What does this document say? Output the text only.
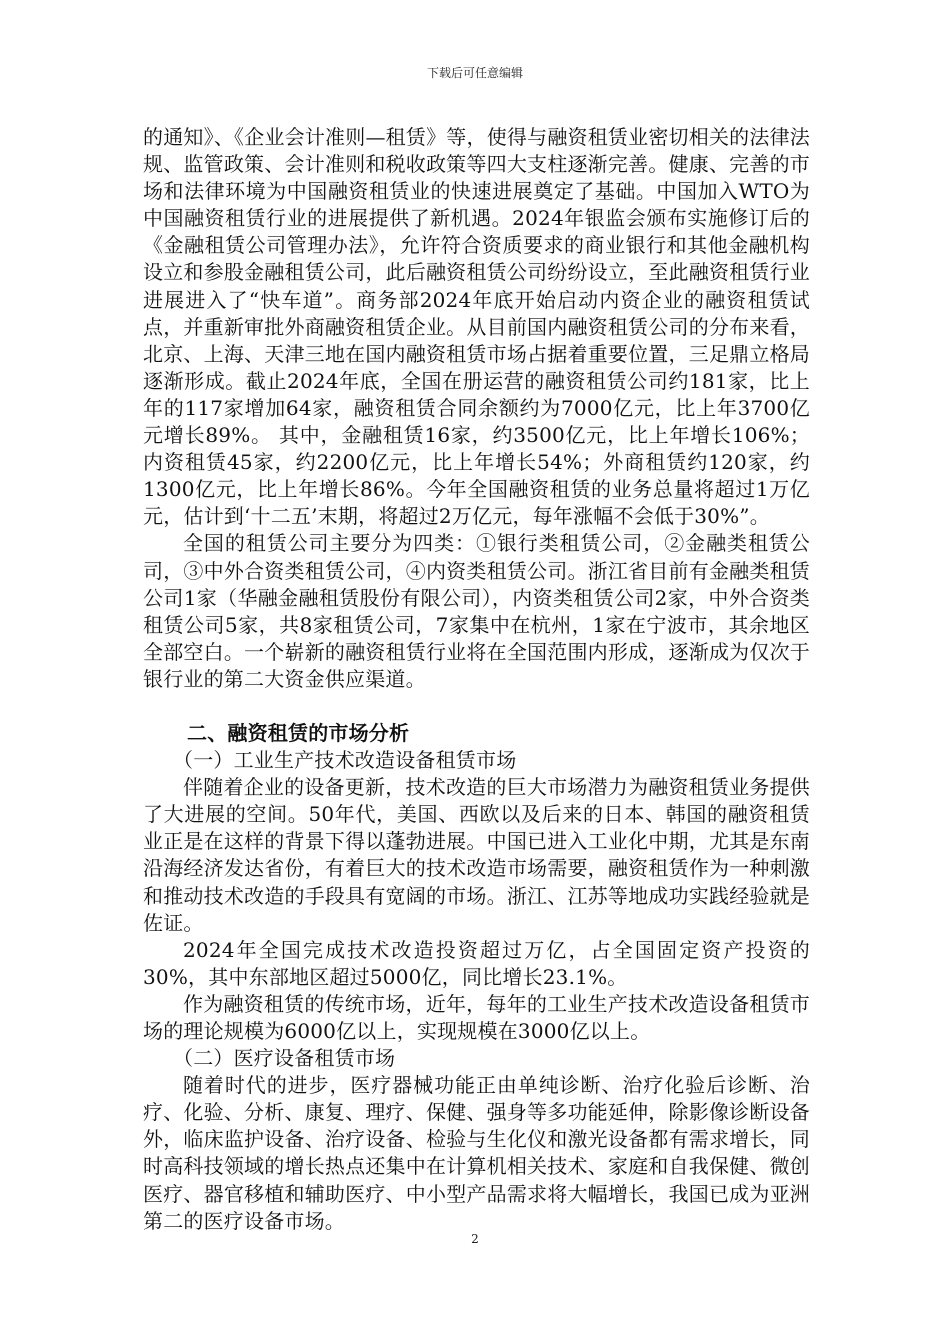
下载后可任意编辑

的通知》、《企业会计准则—租赁》等，使得与融资租赁业密切相关的法律法规、监管政策、会计准则和税收政策等四大支柱逐渐完善。健康、完善的市场和法律环境为中国融资租赁业的快速进展奠定了基础。中国加入WTO为中国融资租赁行业的进展提供了新机遇。2024年银监会颁布实施修订后的《金融租赁公司管理办法》，允许符合资质要求的商业银行和其他金融机构设立和参股金融租赁公司，此后融资租赁公司纷纷设立，至此融资租赁行业进展进入了“快车道”。商务部2024年底开始启动内资企业的融资租赁试点，并重新审批外商融资租赁企业。从目前国内融资租赁公司的分布来看，北京、上海、天津三地在国内融资租赁市场占据着重要位置，三足鼎立格局逐渐形成。截止2024年底，全国在册运营的融资租赁公司约181家，比上年的117家增加64家，融资租赁合同余额约为7000亿元，比上年3700亿元增长89%。 其中，金融租赁16家，约3500亿元，比上年增长106%；内资租赁45家，约2200亿元，比上年增长54%；外商租赁约120家，约1300亿元，比上年增长86%。今年全国融资租赁的业务总量将超过1万亿元，估计到‘十二五’末期，将超过2万亿元，每年涨幅不会低于30%”。

全国的租赁公司主要分为四类：①银行类租赁公司，②金融类租赁公司，③中外合资类租赁公司，④内资类租赁公司。浙江省目前有金融类租赁公司1家（华融金融租赁股份有限公司），内资类租赁公司2家，中外合资类租赁公司5家，共8家租赁公司，7家集中在杭州，1家在宁波市，其余地区全部空白。一个崭新的融资租赁行业将在全国范围内形成，逐渐成为仅次于银行业的第二大资金供应渠道。

二、融资租赁的市场分析

（一）工业生产技术改造设备租赁市场

伴随着企业的设备更新，技术改造的巨大市场潜力为融资租赁业务提供了大进展的空间。50年代，美国、西欧以及后来的日本、韩国的融资租赁业正是在这样的背景下得以蓬勃进展。中国已进入工业化中期，尤其是东南沿海经济发达省份，有着巨大的技术改造市场需要，融资租赁作为一种刺激和推动技术改造的手段具有宽阔的市场。浙江、江苏等地成功实践经验就是佐证。

2024年全国完成技术改造投资超过万亿，占全国固定资产投资的30%，其中东部地区超过5000亿，同比增长23.1%。

作为融资租赁的传统市场，近年，每年的工业生产技术改造设备租赁市场的理论规模为6000亿以上，实现规模在3000亿以上。

（二）医疗设备租赁市场

随着时代的进步，医疗器械功能正由单纯诊断、治疗化验后诊断、治疗、化验、分析、康复、理疗、保健、强身等多功能延伸，除影像诊断设备外，临床监护设备、治疗设备、检验与生化仪和激光设备都有需求增长，同时高科技领域的增长热点还集中在计算机相关技术、家庭和自我保健、微创医疗、器官移植和辅助医疗、中小型产品需求将大幅增长，我国已成为亚洲第二的医疗设备市场。

2
